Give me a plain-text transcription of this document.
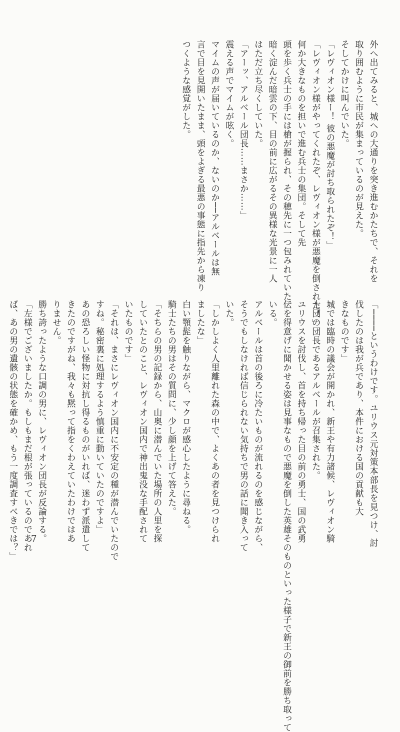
外へ出てみると、城への大通りを突き進むかたちで、それを
取り囲むように市民が集まっているのが見えた。
そしてかけに叫んでいた。
「レヴィオン様ー！ 彼の悪魔が討ち取られたぞ！」
「レヴィオン様がやってくれたぞ、レヴィオン様が悪魔を倒された！」
何か大きなものを担いで進む兵士の集団。そして先
頭を歩く兵士の手には槍が握られ、その穂先に一つ包みれていた。
暗く淀んだ暗雲の下、目の前に広がるその異様な光景に一人
はただ立ち尽くしていた。
「アーッ、アルベール団長……まさか……」
震える声でマイムが呟く。
マイムの声が届いているのか、ないのか──アルベールは無
言で目を見開いたまま、頭をよぎる最悪の事態に指先から凍り
つくような感覚がした。
「────というわけです。ユリウス元対策本部長を見つけ、討
伐したのは我が兵であり、本件における国の貢献も大
きなものです」
城では臨時の議会が開かれ、新王や有力諸候、レヴィオン騎
士団の団長であるアルベールが召集された。
ユリウスを討伐し、首を持ち帰った目の前の勇士、国の武勇
伝を得意げに聞かせる姿は見事なもので悪魔を倒した英雄そのものといった様子で新王の御前を勝ち取って
いる。
アルベールは首の後ろに冷たいものが流れるのを感じながら、
そうでもしなければ信じられない気持ちで男の話に聞き入って
いた。
「しかしよく人里離れた森の中で、よくあの者を見つけられ
ましたな」
白い顎髭を触りながら、マクロが感心したように尋ねる。
騎士たちの男はその質問に、少し顔を上げて答えた。
「そちらの男の記録から、山奥に潜んでいた場所の人里を探
していたとのこと、レヴィオン国内で神出鬼没な手配されて
いたものです」
「それは、まさにレヴィオン国内に不安定の種が潜んでいたので
すね。秘密裏に処理するよう慎重に動いていたのですよ」
あの恐ろしい怪物に対抗し得るものがいれば、迷わず派遣して
きたのですがね、我々も黙って指をくわえていたわけではあ
りません。
勝ち誇ったような口調の男に、レヴィオン団長が反論する。
「左様でございましたか。もしもまだ根が張っているのであれ
ば、あの男の遺骸の状態を確かめ、もう一度調査すべきでは？」 7
